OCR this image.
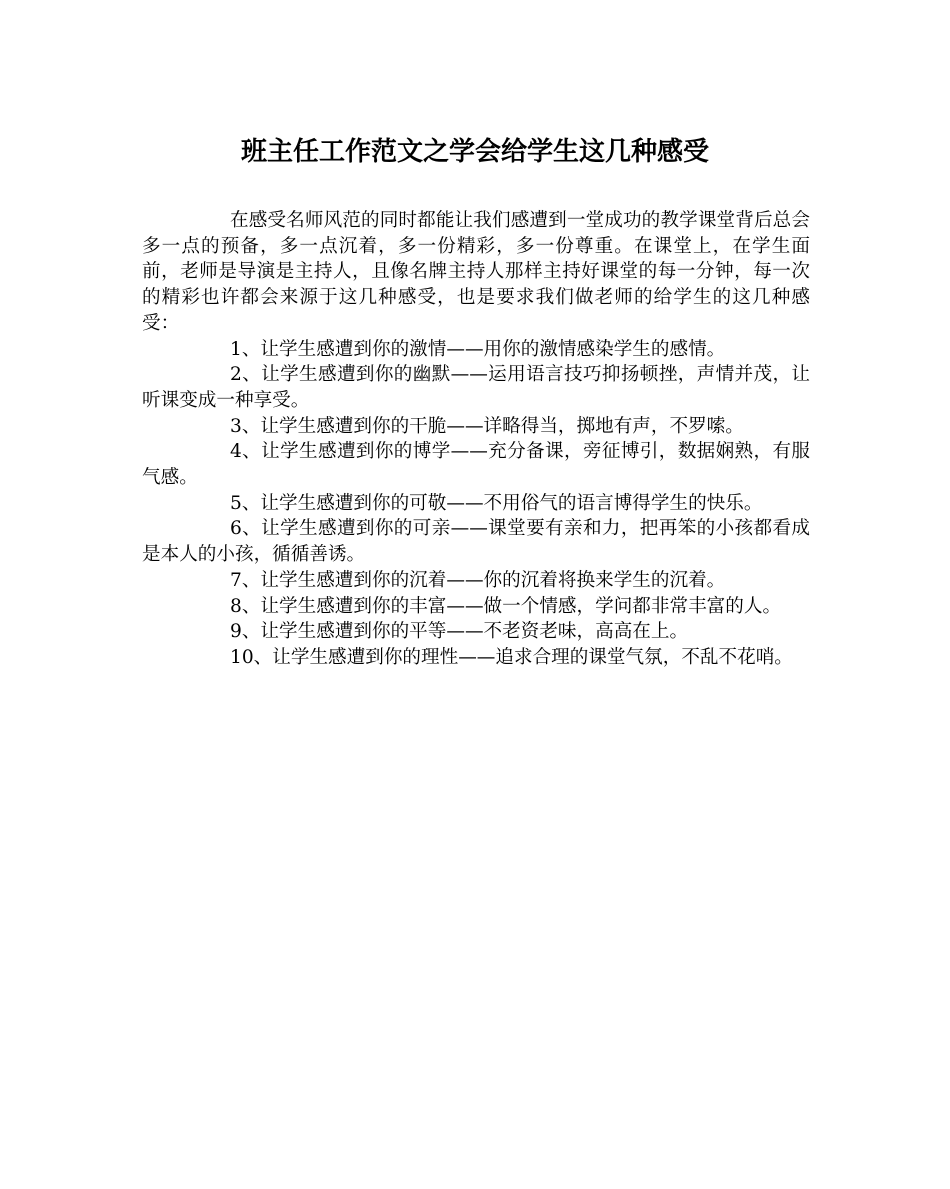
班主任工作范文之学会给学生这几种感受

在感受名师风范的同时都能让我们感遭到一堂成功的教学课堂背后总会多一点的预备，多一点沉着，多一份精彩，多一份尊重。在课堂上，在学生面前，老师是导演是主持人，且像名牌主持人那样主持好课堂的每一分钟，每一次的精彩也许都会来源于这几种感受，也是要求我们做老师的给学生的这几种感受：

1、让学生感遭到你的激情——用你的激情感染学生的感情。

2、让学生感遭到你的幽默——运用语言技巧抑扬顿挫，声情并茂，让听课变成一种享受。

3、让学生感遭到你的干脆——详略得当，掷地有声，不罗嗦。

4、让学生感遭到你的博学——充分备课，旁征博引，数据娴熟，有服气感。

5、让学生感遭到你的可敬——不用俗气的语言博得学生的快乐。

6、让学生感遭到你的可亲——课堂要有亲和力，把再笨的小孩都看成是本人的小孩，循循善诱。

7、让学生感遭到你的沉着——你的沉着将换来学生的沉着。

8、让学生感遭到你的丰富——做一个情感，学问都非常丰富的人。

9、让学生感遭到你的平等——不老资老味，高高在上。

10、让学生感遭到你的理性——追求合理的课堂气氛，不乱不花哨。
